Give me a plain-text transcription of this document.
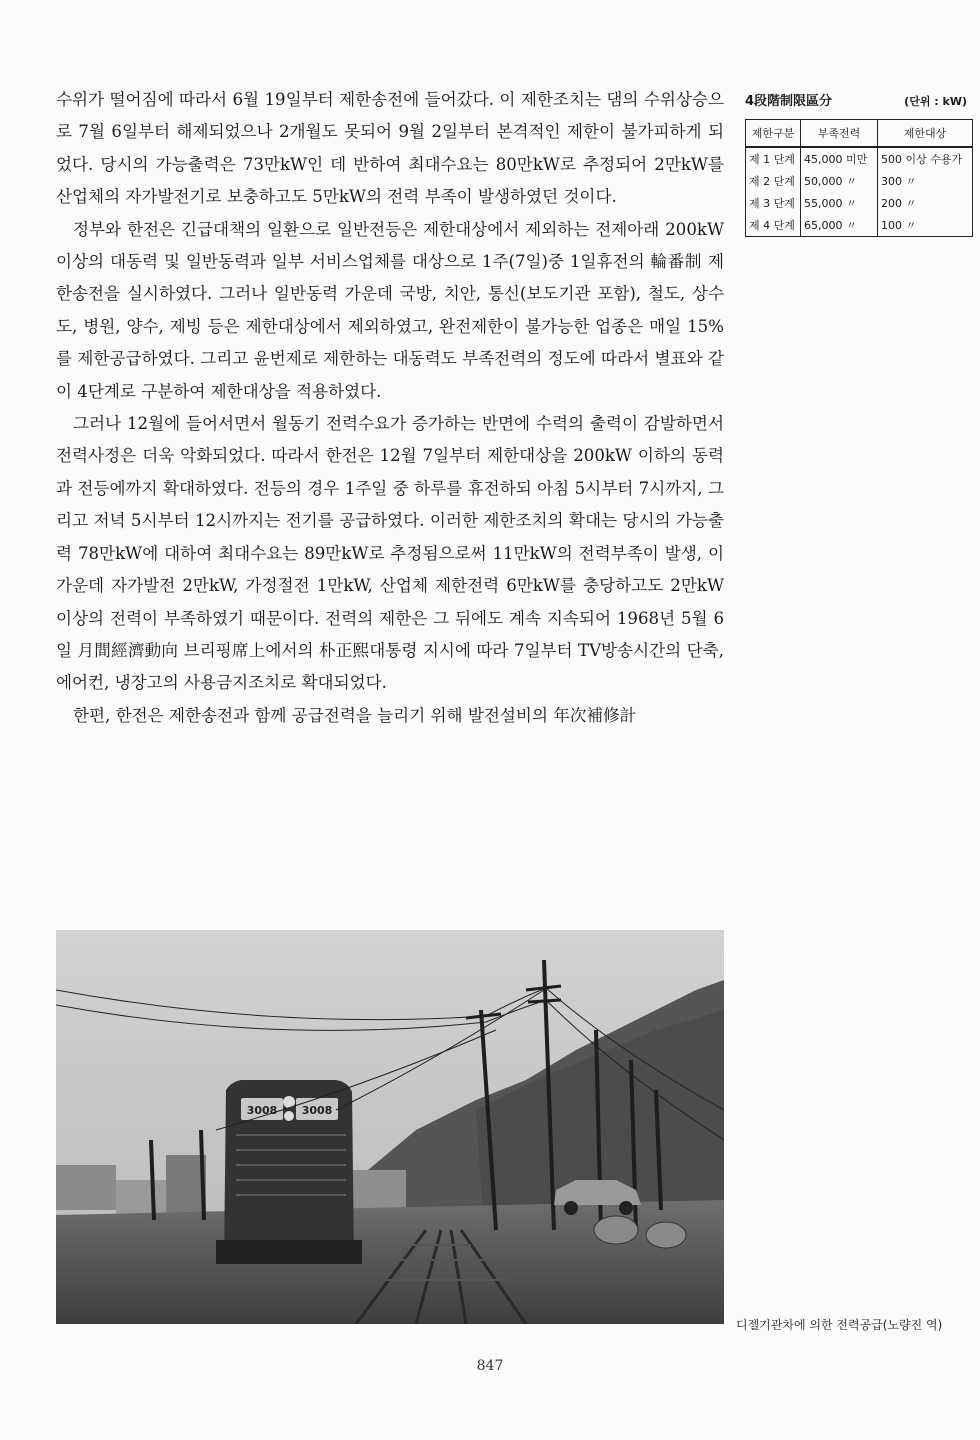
수위가 떨어짐에 따라서 6월 19일부터 제한송전에 들어갔다. 이 제한조치는 댐의 수위상승으로 7월 6일부터 해제되었으나 2개월도 못되어 9월 2일부터 본격적인 제한이 불가피하게 되었다. 당시의 가능출력은 73만kW인 데 반하여 최대수요는 80만kW로 추정되어 2만kW를 산업체의 자가발전기로 보충하고도 5만kW의 전력 부족이 발생하였던 것이다.

정부와 한전은 긴급대책의 일환으로 일반전등은 제한대상에서 제외하는 전제아래 200kW 이상의 대동력 및 일반동력과 일부 서비스업체를 대상으로 1주(7일)중 1일휴전의 輪番制 제한송전을 실시하였다. 그러나 일반동력 가운데 국방, 치안, 통신(보도기관 포함), 철도, 상수도, 병원, 양수, 제빙 등은 제한대상에서 제외하였고, 완전제한이 불가능한 업종은 매일 15%를 제한공급하였다. 그리고 윤번제로 제한하는 대동력도 부족전력의 정도에 따라서 별표와 같이 4단계로 구분하여 제한대상을 적용하였다.

그러나 12월에 들어서면서 월동기 전력수요가 증가하는 반면에 수력의 출력이 감발하면서 전력사정은 더욱 악화되었다. 따라서 한전은 12월 7일부터 제한대상을 200kW 이하의 동력과 전등에까지 확대하였다. 전등의 경우 1주일 중 하루를 휴전하되 아침 5시부터 7시까지, 그리고 저녁 5시부터 12시까지는 전기를 공급하였다. 이러한 제한조치의 확대는 당시의 가능출력 78만kW에 대하여 최대수요는 89만kW로 추정됨으로써 11만kW의 전력부족이 발생, 이 가운데 자가발전 2만kW, 가정절전 1만kW, 산업체 제한전력 6만kW를 충당하고도 2만kW 이상의 전력이 부족하였기 때문이다. 전력의 제한은 그 뒤에도 계속 지속되어 1968년 5월 6일 月間經濟動向 브리핑席上에서의 朴正熙대통령 지시에 따라 7일부터 TV방송시간의 단축, 에어컨, 냉장고의 사용금지조치로 확대되었다.

한편, 한전은 제한송전과 함께 공급전력을 늘리기 위해 발전설비의 年次補修計

4段階制限區分	(단위 : kW)
제한구분	부족전력	제한대상
제 1 단계	45,000 미만	500 이상 수용가
제 2 단계	50,000 〃	300 〃
제 3 단계	55,000 〃	200 〃
제 4 단계	65,000 〃	100 〃
3008 3008
디젤기관차에 의한 전력공급(노량진 역)
847
